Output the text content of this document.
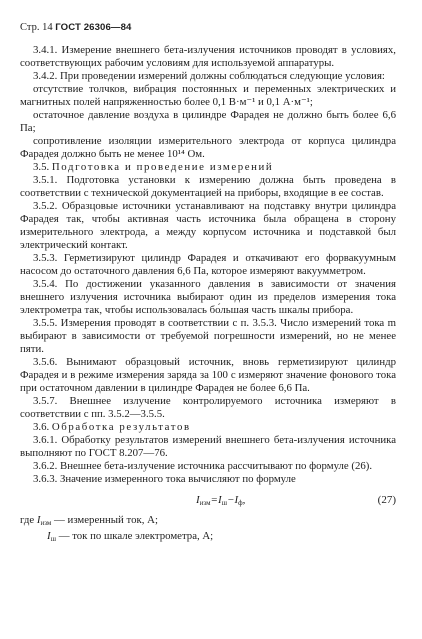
Стр. 14 ГОСТ 26306—84

3.4.1. Измерение внешнего бета-излучения источников проводят в условиях, соответствующих рабочим условиям для используемой аппаратуры.

3.4.2. При проведении измерений должны соблюдаться следующие условия:

отсутствие толчков, вибрация постоянных и переменных электрических и магнитных полей напряженностью более 0,1 В·м⁻¹ и 0,1 А·м⁻¹;

остаточное давление воздуха в цилиндре Фарадея не должно быть более 6,6 Па;

сопротивление изоляции измерительного электрода от корпуса цилиндра Фарадея должно быть не менее 10¹⁴ Ом.

3.5. Подготовка и проведение измерений

3.5.1. Подготовка установки к измерению должна быть проведена в соответствии с технической документацией на приборы, входящие в ее состав.

3.5.2. Образцовые источники устанавливают на подставку внутри цилиндра Фарадея так, чтобы активная часть источника была обращена в сторону измерительного электрода, а между корпусом источника и подставкой был электрический контакт.

3.5.3. Герметизируют цилиндр Фарадея и откачивают его форвакуумным насосом до остаточного давления 6,6 Па, которое измеряют вакуумметром.

3.5.4. По достижении указанного давления в зависимости от значения внешнего излучения источника выбирают один из пределов измерения тока электрометра так, чтобы использовалась бо́льшая часть шкалы прибора.

3.5.5. Измерения проводят в соответствии с п. 3.5.3. Число измерений тока m выбирают в зависимости от требуемой погрешности измерений, но не менее пяти.

3.5.6. Вынимают образцовый источник, вновь герметизируют цилиндр Фарадея и в режиме измерения заряда за 100 с измеряют значение фонового тока при остаточном давлении в цилиндре Фарадея не более 6,6 Па.

3.5.7. Внешнее излучение контролируемого источника измеряют в соответствии с пп. 3.5.2—3.5.5.

3.6. Обработка результатов

3.6.1. Обработку результатов измерений внешнего бета-излучения источника выполняют по ГОСТ 8.207—76.

3.6.2. Внешнее бета-излучение источника рассчитывают по формуле (26).

3.6.3. Значение измеренного тока вычисляют по формуле

$I_{изм}=I_ш-I_ф$,	(27)
где $I_{изм}$ — измеренный ток, А;
$I_ш$ — ток по шкале электрометра, А;
